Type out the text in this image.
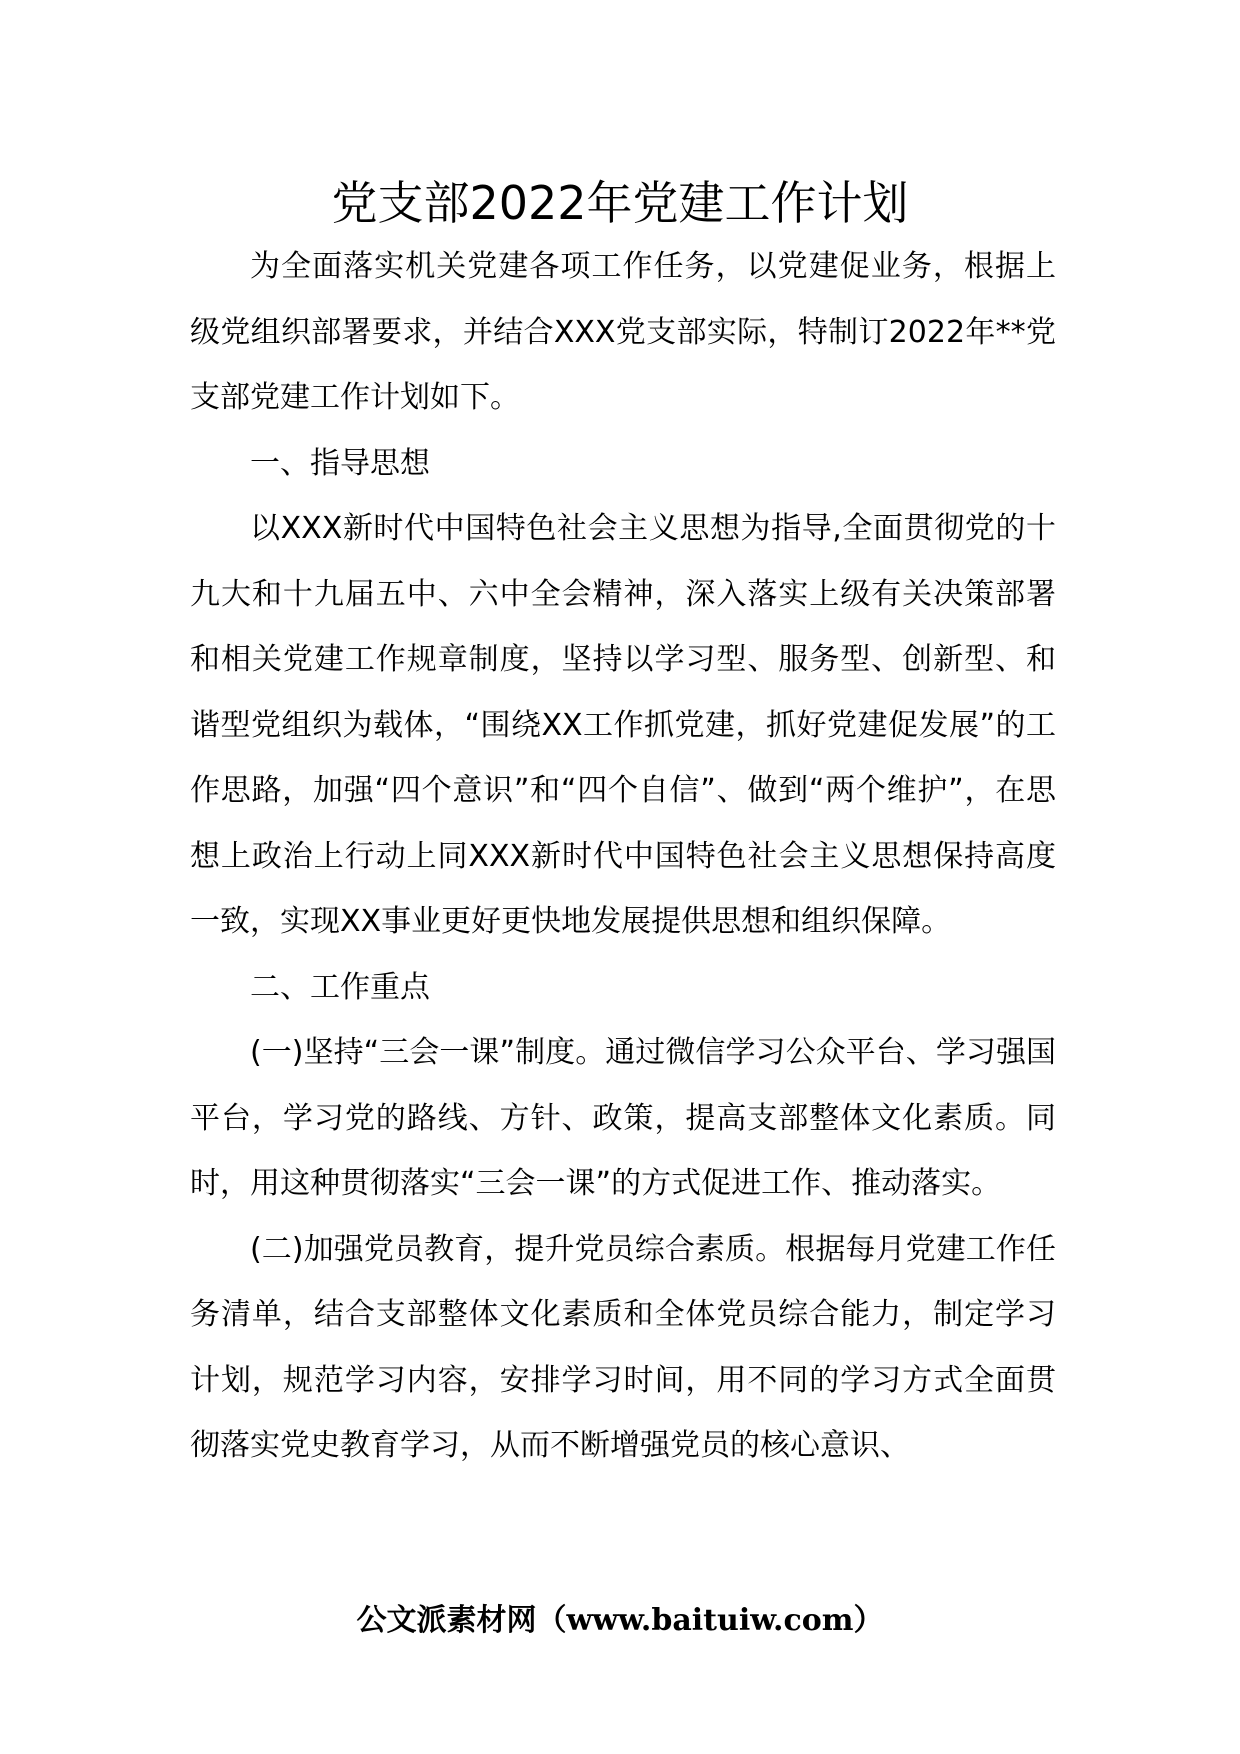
党支部2022年党建工作计划

为全面落实机关党建各项工作任务，以党建促业务，根据上级党组织部署要求，并结合XXX党支部实际，特制订2022年**党支部党建工作计划如下。

一、指导思想

以XXX新时代中国特色社会主义思想为指导,全面贯彻党的十九大和十九届五中、六中全会精神，深入落实上级有关决策部署和相关党建工作规章制度，坚持以学习型、服务型、创新型、和谐型党组织为载体，“围绕XX工作抓党建，抓好党建促发展”的工作思路，加强“四个意识”和“四个自信”、做到“两个维护”，在思想上政治上行动上同XXX新时代中国特色社会主义思想保持高度一致，实现XX事业更好更快地发展提供思想和组织保障。

二、工作重点

(一)坚持“三会一课”制度。通过微信学习公众平台、学习强国平台，学习党的路线、方针、政策，提高支部整体文化素质。同时，用这种贯彻落实“三会一课”的方式促进工作、推动落实。

(二)加强党员教育，提升党员综合素质。根据每月党建工作任务清单，结合支部整体文化素质和全体党员综合能力，制定学习计划，规范学习内容，安排学习时间，用不同的学习方式全面贯彻落实党史教育学习，从而不断增强党员的核心意识、

公文派素材网（www.baituiw.com）
